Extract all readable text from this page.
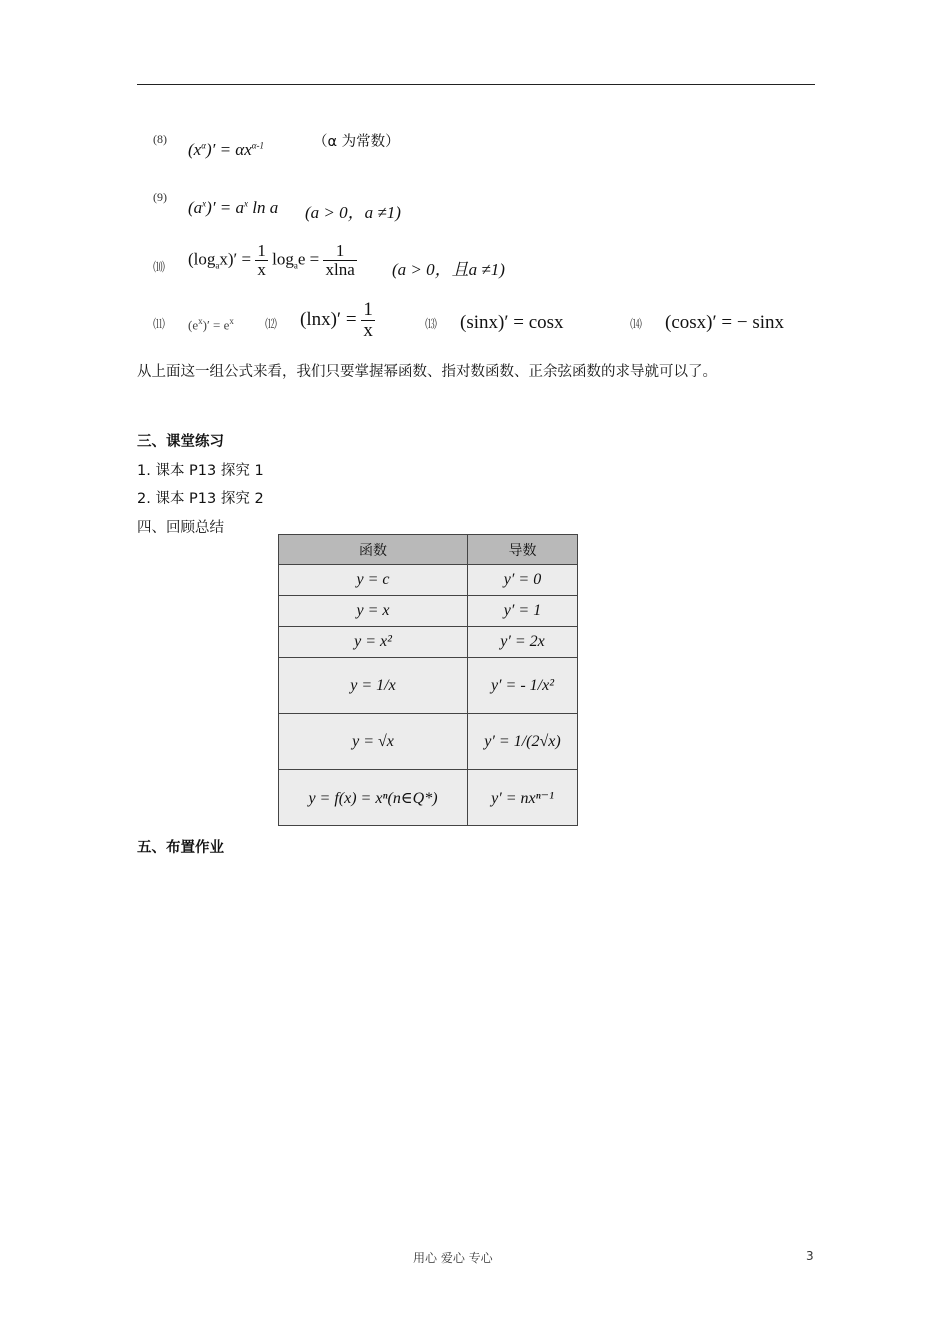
(8)
$(x^\alpha)' = \alpha x^{\alpha-1}$	（α 为常数）
(9)
$(a^x)' = a^x$ ln a (a > 0，a ≠1)
⑽ $(\log_ax)' = \frac{1}{x} \log_ae = \frac{1}{xlna} (a > 0$，且a ≠1)
⑾ $(e^x)' = e^x$	⑿ $(\ln x)' = \frac{1}{x}$	⒀ (sinx)′ = cosx	⒁ (cosx)′ = − sinx
从上面这一组公式来看，我们只要掌握幂函数、指对数函数、正余弦函数的求导就可以了。
三、课堂练习
1. 课本 P13 探究 1
2. 课本 P13 探究 2
四、回顾总结
函数	导数
y = c	y′ = 0
y = x	y′ = 1
y = x²	y′ = 2x
y = 1/x	y′ = - 1/x²
y = √x	y′ = 1/(2√x)
y = f(x) = xⁿ(n∈Q*)	y′ = nxⁿ⁻¹
五、布置作业
用心 爱心 专心	3
